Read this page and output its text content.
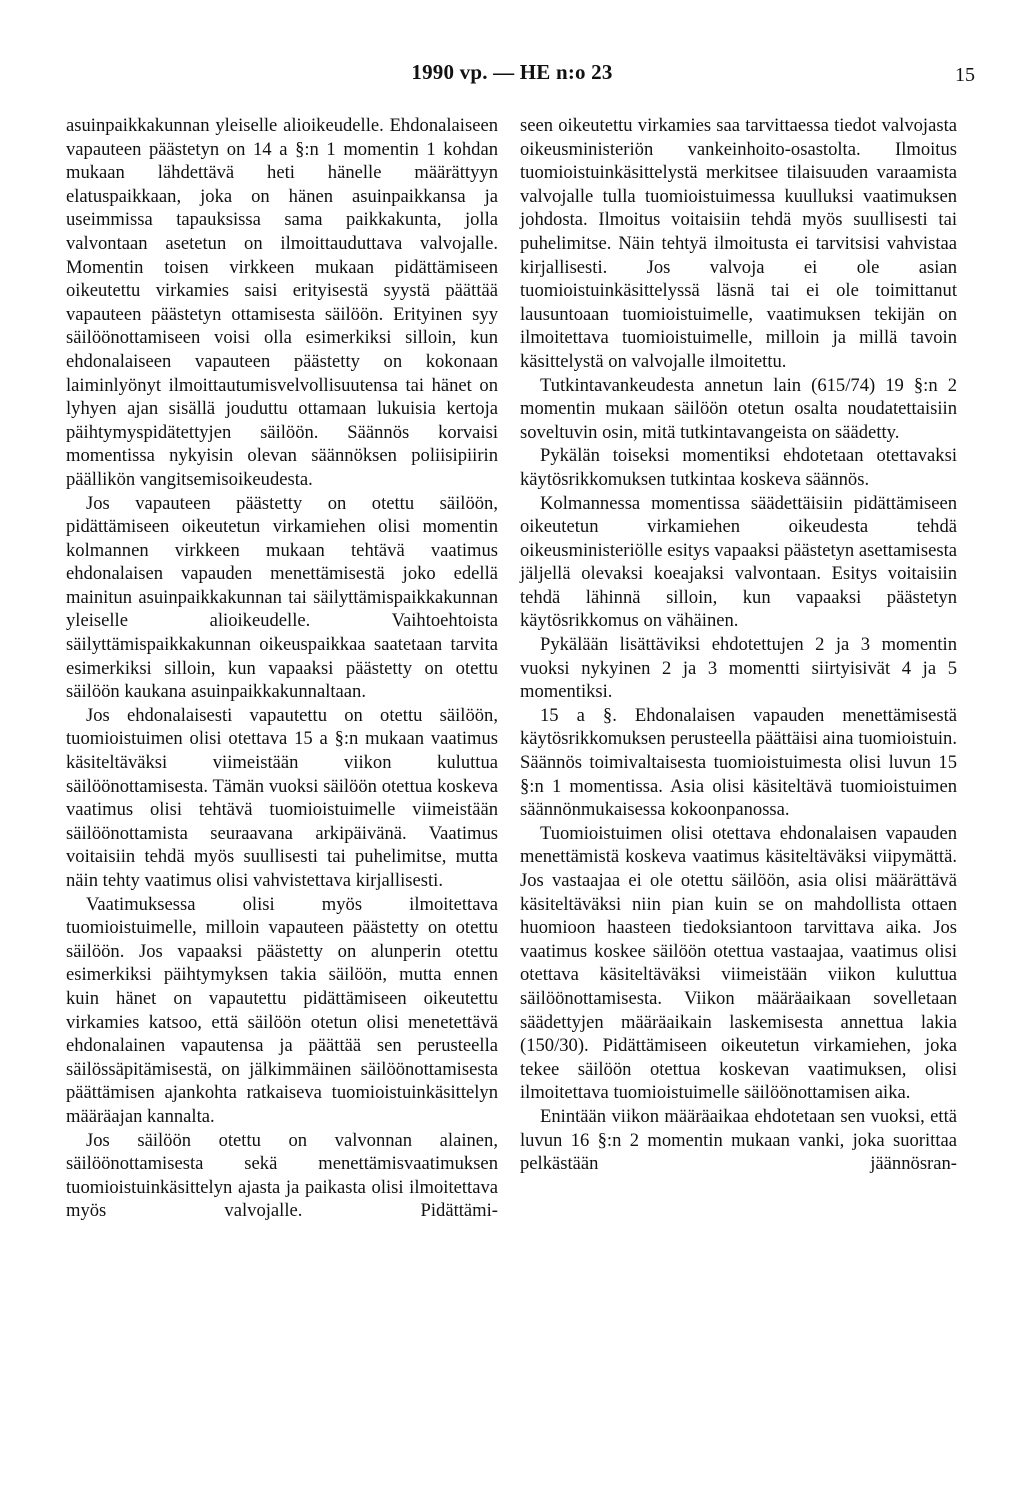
1990 vp. — HE n:o 23	15

asuinpaikkakunnan yleiselle alioikeudelle. Ehdonalaiseen vapauteen päästetyn on 14 a §:n 1 momentin 1 kohdan mukaan lähdettävä heti hänelle määrättyyn elatuspaikkaan, joka on hänen asuinpaikkansa ja useimmissa tapauksissa sama paikkakunta, jolla valvontaan asetetun on ilmoittauduttava valvojalle.

Momentin toisen virkkeen mukaan pidättämiseen oikeutettu virkamies saisi erityisestä syystä päättää vapauteen päästetyn ottamisesta säilöön. Erityinen syy säilöönottamiseen voisi olla esimerkiksi silloin, kun ehdonalaiseen vapauteen päästetty on kokonaan laiminlyönyt ilmoittautumisvelvollisuutensa tai hänet on lyhyen ajan sisällä jouduttu ottamaan lukuisia kertoja päihtymyspidätettyjen säilöön. Säännös korvaisi momentissa nykyisin olevan säännöksen poliisipiirin päällikön vangitsemisoikeudesta.

Jos vapauteen päästetty on otettu säilöön, pidättämiseen oikeutetun virkamiehen olisi momentin kolmannen virkkeen mukaan tehtävä vaatimus ehdonalaisen vapauden menettämisestä joko edellä mainitun asuinpaikkakunnan tai säilyttämispaikkakunnan yleiselle alioikeudelle. Vaihtoehtoista säilyttämispaikkakunnan oikeuspaikkaa saatetaan tarvita esimerkiksi silloin, kun vapaaksi päästetty on otettu säilöön kaukana asuinpaikkakunnaltaan.

Jos ehdonalaisesti vapautettu on otettu säilöön, tuomioistuimen olisi otettava 15 a §:n mukaan vaatimus käsiteltäväksi viimeistään viikon kuluttua säilöönottamisesta. Tämän vuoksi säilöön otettua koskeva vaatimus olisi tehtävä tuomioistuimelle viimeistään säilöönottamista seuraavana arkipäivänä. Vaatimus voitaisiin tehdä myös suullisesti tai puhelimitse, mutta näin tehty vaatimus olisi vahvistettava kirjallisesti.

Vaatimuksessa olisi myös ilmoitettava tuomioistuimelle, milloin vapauteen päästetty on otettu säilöön. Jos vapaaksi päästetty on alunperin otettu esimerkiksi päihtymyksen takia säilöön, mutta ennen kuin hänet on vapautettu pidättämiseen oikeutettu virkamies katsoo, että säilöön otetun olisi menetettävä ehdonalainen vapautensa ja päättää sen perusteella säilössäpitämisestä, on jälkimmäinen säilöönottamisesta päättämisen ajankohta ratkaiseva tuomioistuinkäsittelyn määräajan kannalta.

Jos säilöön otettu on valvonnan alainen, säilöönottamisesta sekä menettämisvaatimuksen tuomioistuinkäsittelyn ajasta ja paikasta olisi ilmoitettava myös valvojalle. Pidättämi-

seen oikeutettu virkamies saa tarvittaessa tiedot valvojasta oikeusministeriön vankeinhoito-osastolta. Ilmoitus tuomioistuinkäsittelystä merkitsee tilaisuuden varaamista valvojalle tulla tuomioistuimessa kuulluksi vaatimuksen johdosta. Ilmoitus voitaisiin tehdä myös suullisesti tai puhelimitse. Näin tehtyä ilmoitusta ei tarvitsisi vahvistaa kirjallisesti. Jos valvoja ei ole asian tuomioistuinkäsittelyssä läsnä tai ei ole toimittanut lausuntoaan tuomioistuimelle, vaatimuksen tekijän on ilmoitettava tuomioistuimelle, milloin ja millä tavoin käsittelystä on valvojalle ilmoitettu.

Tutkintavankeudesta annetun lain (615/74) 19 §:n 2 momentin mukaan säilöön otetun osalta noudatettaisiin soveltuvin osin, mitä tutkintavangeista on säädetty.

Pykälän toiseksi momentiksi ehdotetaan otettavaksi käytösrikkomuksen tutkintaa koskeva säännös.

Kolmannessa momentissa säädettäisiin pidättämiseen oikeutetun virkamiehen oikeudesta tehdä oikeusministeriölle esitys vapaaksi päästetyn asettamisesta jäljellä olevaksi koeajaksi valvontaan. Esitys voitaisiin tehdä lähinnä silloin, kun vapaaksi päästetyn käytösrikkomus on vähäinen.

Pykälään lisättäviksi ehdotettujen 2 ja 3 momentin vuoksi nykyinen 2 ja 3 momentti siirtyisivät 4 ja 5 momentiksi.

15 a §. Ehdonalaisen vapauden menettämisestä käytösrikkomuksen perusteella päättäisi aina tuomioistuin. Säännös toimivaltaisesta tuomioistuimesta olisi luvun 15 §:n 1 momentissa. Asia olisi käsiteltävä tuomioistuimen säännönmukaisessa kokoonpanossa.

Tuomioistuimen olisi otettava ehdonalaisen vapauden menettämistä koskeva vaatimus käsiteltäväksi viipymättä. Jos vastaajaa ei ole otettu säilöön, asia olisi määrättävä käsiteltäväksi niin pian kuin se on mahdollista ottaen huomioon haasteen tiedoksiantoon tarvittava aika. Jos vaatimus koskee säilöön otettua vastaajaa, vaatimus olisi otettava käsiteltäväksi viimeistään viikon kuluttua säilöönottamisesta. Viikon määräaikaan sovelletaan säädettyjen määräaikain laskemisesta annettua lakia (150/30). Pidättämiseen oikeutetun virkamiehen, joka tekee säilöön otettua koskevan vaatimuksen, olisi ilmoitettava tuomioistuimelle säilöönottamisen aika.

Enintään viikon määräaikaa ehdotetaan sen vuoksi, että luvun 16 §:n 2 momentin mukaan vanki, joka suorittaa pelkästään jäännösran-
